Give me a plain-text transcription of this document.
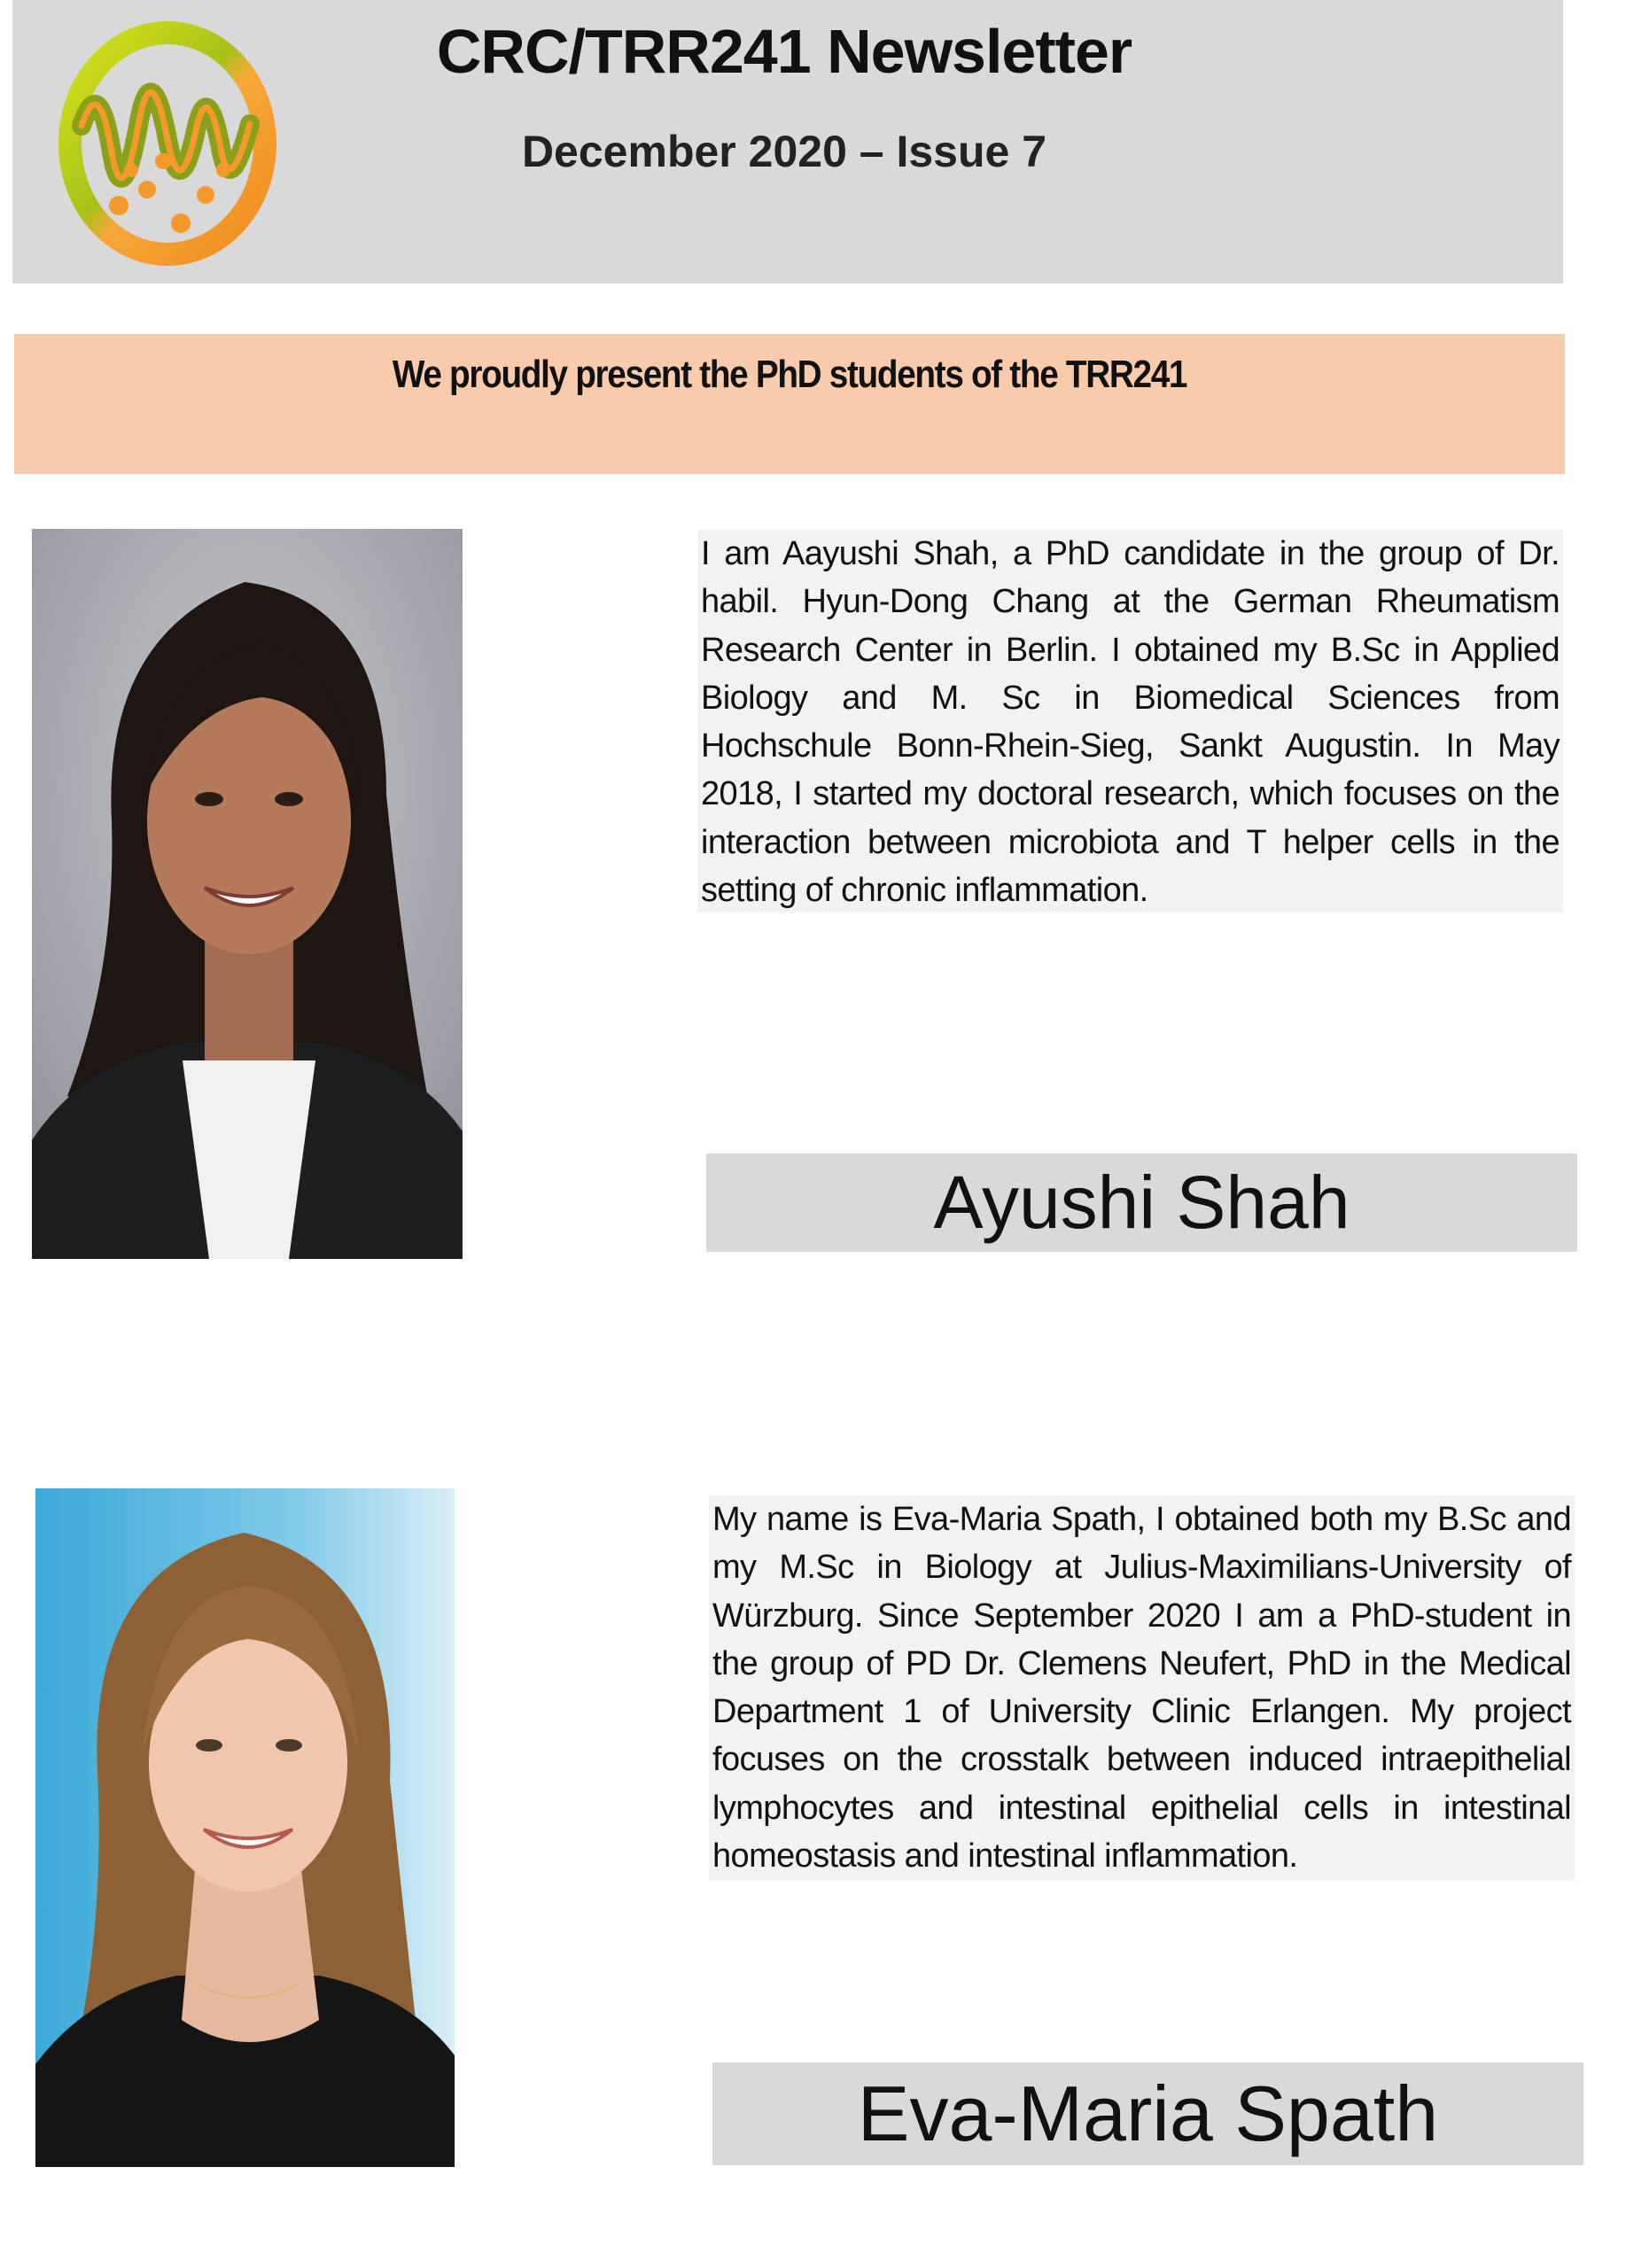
CRC/TRR241 Newsletter
December 2020 – Issue 7
We proudly present the PhD students of the TRR241
I am Aayushi Shah, a PhD candidate in the group of Dr. habil. Hyun-Dong Chang at the German Rheumatism Research Center in Berlin. I obtained my B.Sc in Applied Biology and M. Sc in Biomedical Sciences from Hochschule Bonn-Rhein-Sieg, Sankt Augustin. In May 2018, I started my doctoral research, which focuses on the interaction between microbiota and T helper cells in the setting of chronic inflammation.
Ayushi Shah
My name is Eva-Maria Spath, I obtained both my B.Sc and my M.Sc in Biology at Julius-Maximilians-University of Würzburg. Since September 2020 I am a PhD-student in the group of PD Dr. Clemens Neufert, PhD in the Medical Department 1 of University Clinic Erlangen. My project focuses on the crosstalk between induced intraepithelial lymphocytes and intestinal epithelial cells in intestinal homeostasis and intestinal inflammation.
Eva-Maria Spath
